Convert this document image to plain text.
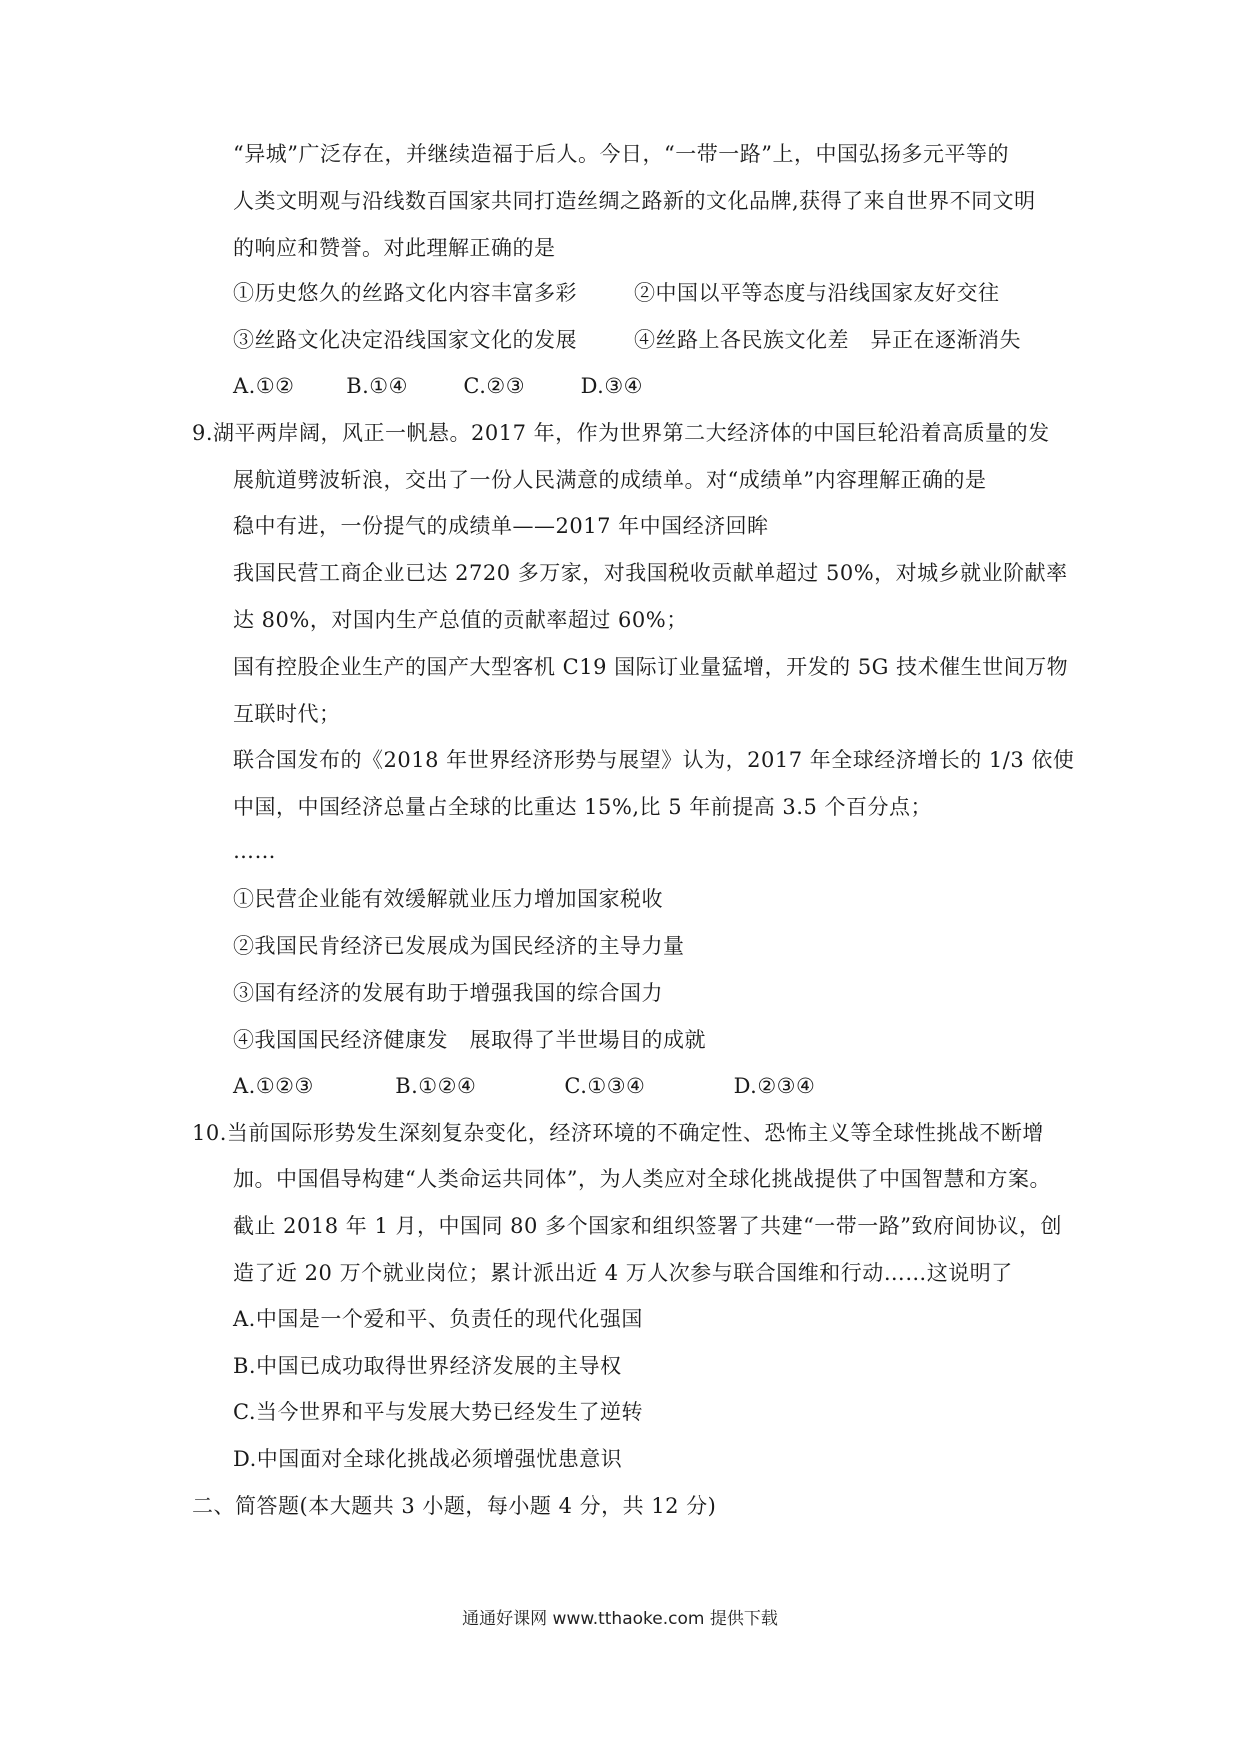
“异城”广泛存在，并继续造福于后人。今日，“一带一路”上，中国弘扬多元平等的
人类文明观与沿线数百国家共同打造丝绸之路新的文化品牌,获得了来自世界不同文明
的响应和赞誉。对此理解正确的是
①历史悠久的丝路文化内容丰富多彩	②中国以平等态度与沿线国家友好交往
③丝路文化决定沿线国家文化的发展	④丝路上各民族文化差　异正在逐渐消失
A.①② B.①④	C.②③	D.③④
9.湖平两岸阔，风正一帆悬。2017 年，作为世界第二大经济体的中国巨轮沿着高质量的发
展航道劈波斩浪，交出了一份人民满意的成绩单。对“成绩单”内容理解正确的是
稳中有进，一份提气的成绩单——2017 年中国经济回眸
我国民营工商企业已达 2720 多万家，对我国税收贡献单超过 50%，对城乡就业阶献率
达 80%，对国内生产总值的贡献率超过 60%；
国有控股企业生产的国产大型客机 C19 国际订业量猛增，开发的 5G 技术催生世间万物
互联时代；
联合国发布的《2018 年世界经济形势与展望》认为，2017 年全球经济增长的 1/3 依使
中国，中国经济总量占全球的比重达 15%,比 5 年前提高 3.5 个百分点；
……
①民营企业能有效缓解就业压力增加国家税收
②我国民肯经济已发展成为国民经济的主导力量
③国有经济的发展有助于增强我国的综合国力
④我国国民经济健康发　展取得了半世場目的成就
A.①②③	B.①②④	C.①③④	D.②③④
10.当前国际形势发生深刻复杂变化，经济环境的不确定性、恐怖主义等全球性挑战不断增
加。中国倡导构建“人类命运共同体”，为人类应对全球化挑战提供了中国智慧和方案。
截止 2018 年 1 月，中国同 80 多个国家和组织签署了共建“一带一路”致府间协议，创
造了近 20 万个就业岗位；累计派出近 4 万人次参与联合国维和行动……这说明了
A.中国是一个爱和平、负责任的现代化强国
B.中国已成功取得世界经济发展的主导权
C.当今世界和平与发展大势已经发生了逆转
D.中国面对全球化挑战必须增强忧患意识
二、简答题(本大题共 3 小题，每小题 4 分，共 12 分)
通通好课网 www.tthaoke.com 提供下载
